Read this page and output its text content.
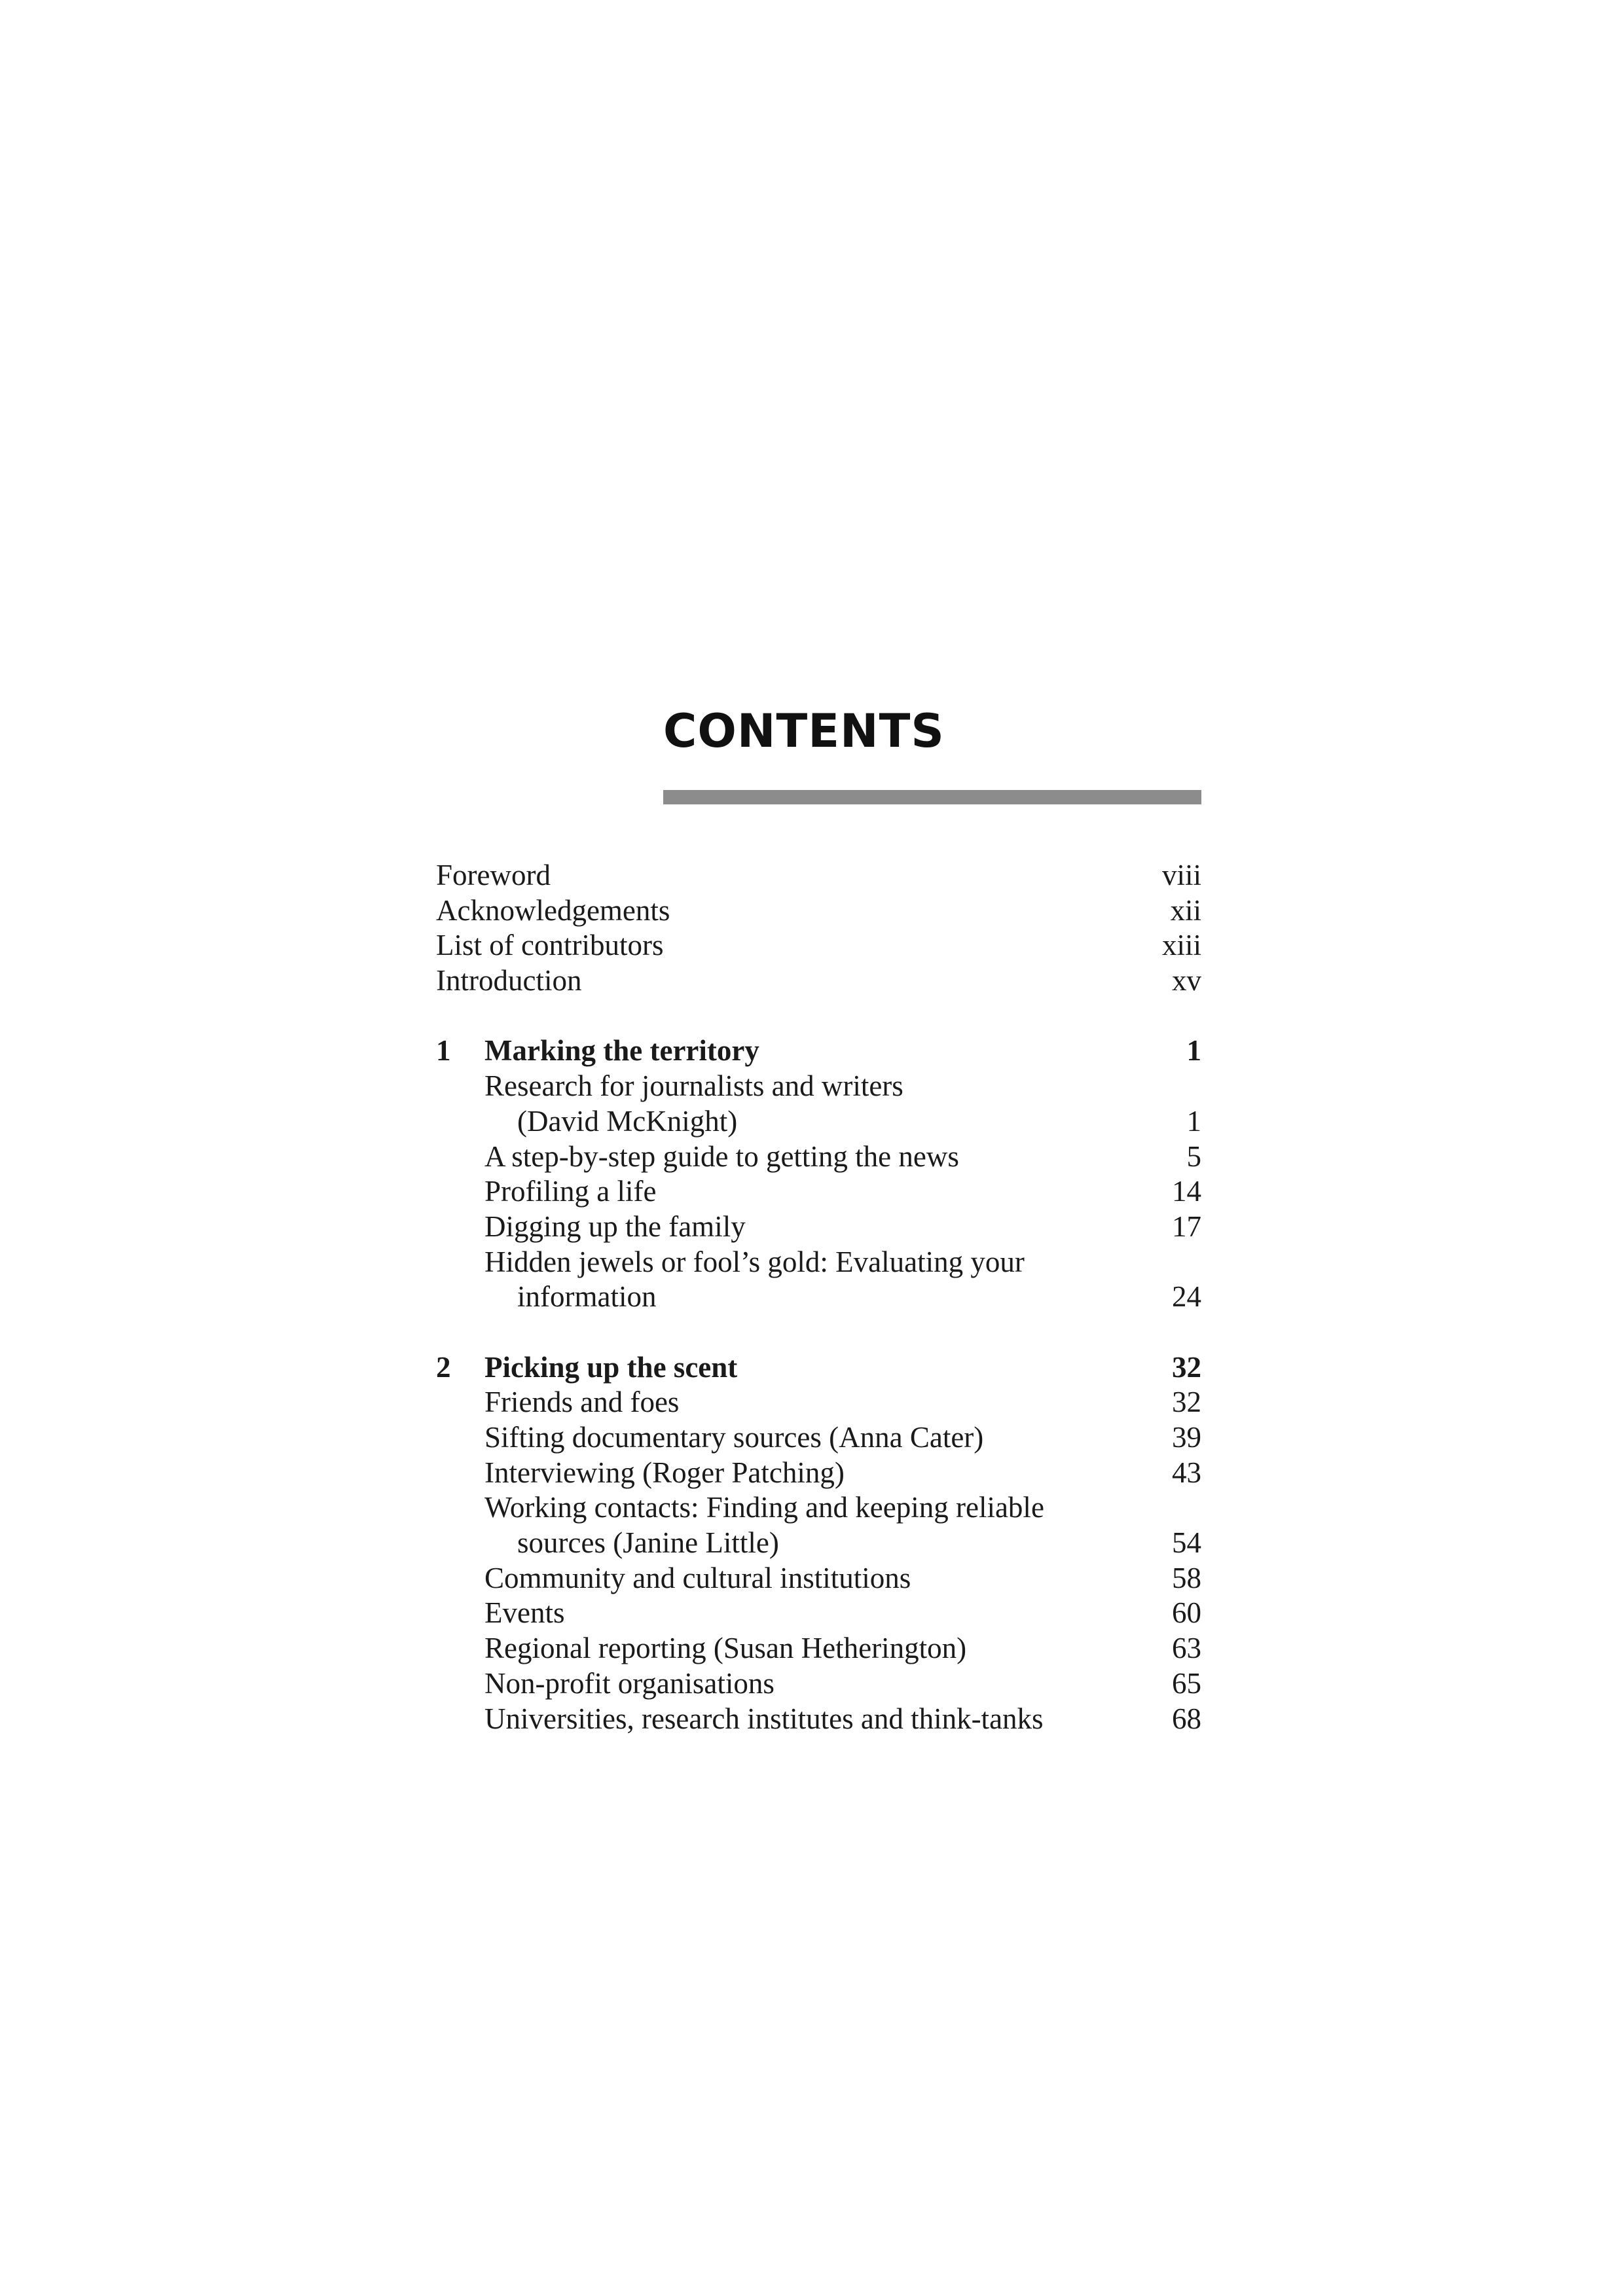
CONTENTS
Foreword	viii
Acknowledgements	xii
List of contributors	xiii
Introduction	xv
1 Marking the territory	1
Research for journalists and writers
(David McKnight)	1
A step-by-step guide to getting the news	5
Profiling a life	14
Digging up the family	17
Hidden jewels or fool’s gold: Evaluating your
information	24
2 Picking up the scent	32
Friends and foes	32
Sifting documentary sources (Anna Cater)	39
Interviewing (Roger Patching)	43
Working contacts: Finding and keeping reliable
sources (Janine Little)	54
Community and cultural institutions	58
Events	60
Regional reporting (Susan Hetherington)	63
Non-profit organisations	65
Universities, research institutes and think-tanks	68
